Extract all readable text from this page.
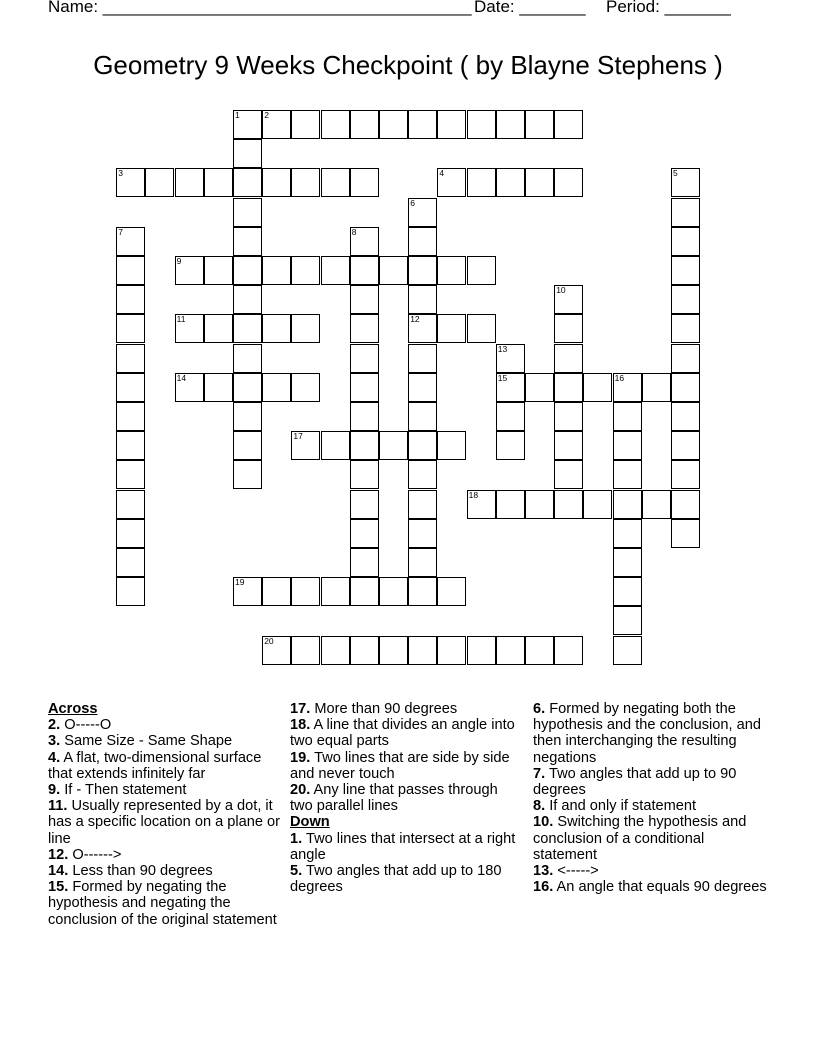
Name: _______________________________________ Date: _______ Period: _______
Geometry 9 Weeks Checkpoint ( by Blayne Stephens )
2
3	4
9
11	12
14	15	16
17
18
19
20
1
5
6
7	8
10
13
Across
2. O-----O
3. Same Size - Same Shape
4. A flat, two-dimensional surface that extends infinitely far
9. If - Then statement
11. Usually represented by a dot, it has a specific location on a plane or line
12. O------>
14. Less than 90 degrees
15. Formed by negating the hypothesis and negating the conclusion of the original statement
17. More than 90 degrees
18. A line that divides an angle into two equal parts
19. Two lines that are side by side and never touch
20. Any line that passes through two parallel lines
Down
1. Two lines that intersect at a right angle
5. Two angles that add up to 180 degrees
6. Formed by negating both the hypothesis and the conclusion, and then interchanging the resulting negations
7. Two angles that add up to 90 degrees
8. If and only if statement
10. Switching the hypothesis and conclusion of a conditional statement
13. <----->
16. An angle that equals 90 degrees
